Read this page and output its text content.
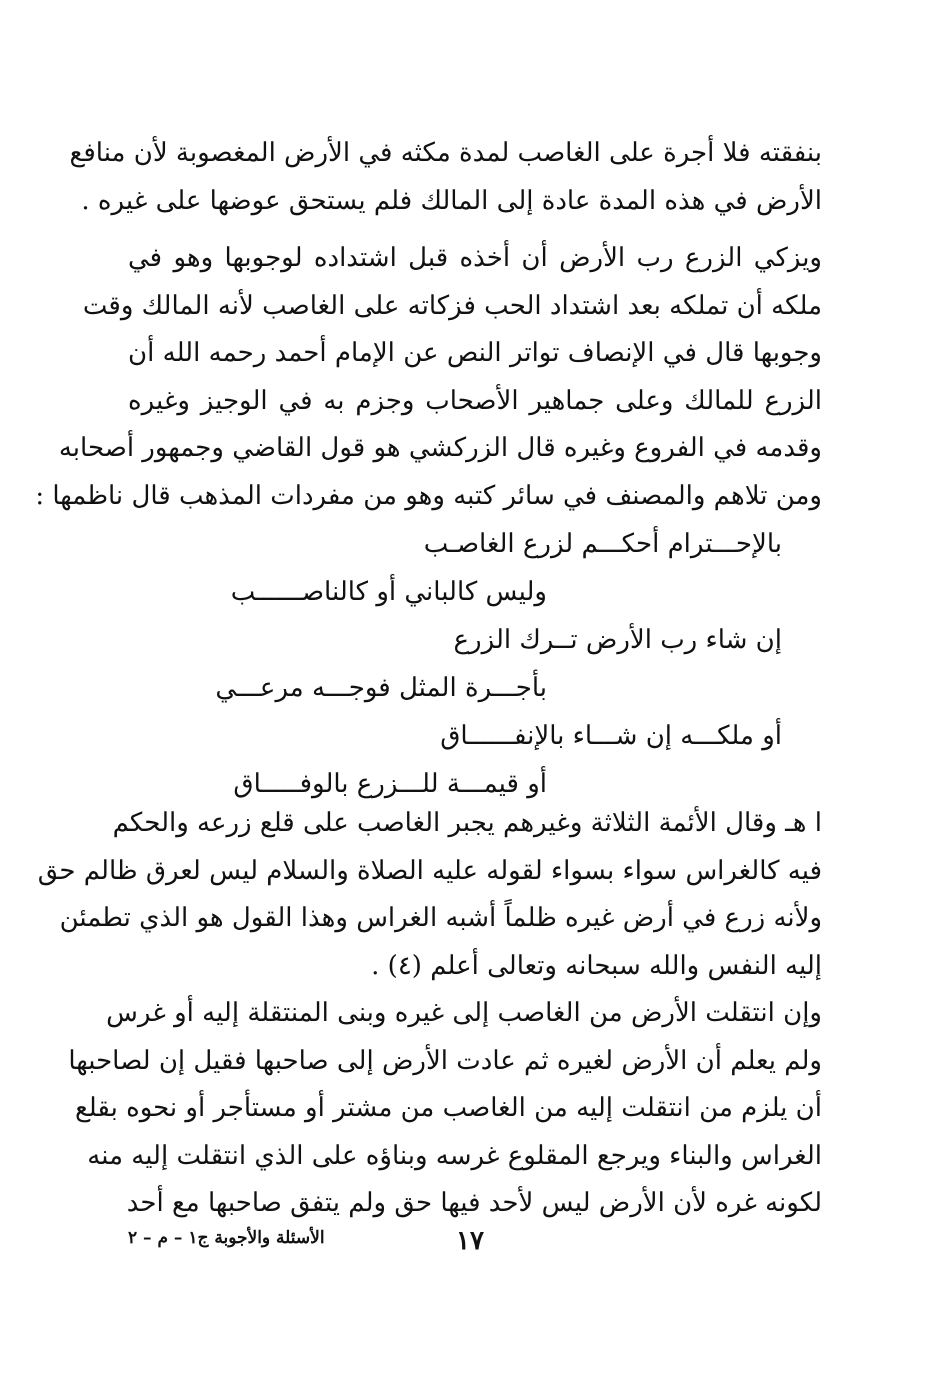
بنفقته فلا أجرة على الغاصب لمدة مكثه في الأرض المغصوبة لأن منافع
الأرض في هذه المدة عادة إلى المالك فلم يستحق عوضها على غيره .
ويزكي الزرع رب الأرض أن أخذه قبل اشتداده لوجوبها وهو في
ملكه أن تملكه بعد اشتداد الحب فزكاته على الغاصب لأنه المالك وقت
وجوبها قال في الإنصاف تواتر النص عن الإمام أحمد رحمه الله أن
الزرع للمالك وعلى جماهير الأصحاب وجزم به في الوجيز وغيره
وقدمه في الفروع وغيره قال الزركشي هو قول القاضي وجمهور أصحابه
ومن تلاهم والمصنف في سائر كتبه وهو من مفردات المذهب قال ناظمها :
بالإحـــترام أحكـــم لزرع الغاصـب
وليس كالباني أو كالناصــــــب
إن شاء رب الأرض تــرك الزرع
بأجـــرة المثل فوجـــه مرعـــي
أو ملكـــه إن شـــاء بالإنفــــــاق
أو قيمـــة للـــزرع بالوفـــــاق
ا هـ وقال الأئمة الثلاثة وغيرهم يجبر الغاصب على قلع زرعه والحكم
فيه كالغراس سواء بسواء لقوله عليه الصلاة والسلام ليس لعرق ظالم حق
ولأنه زرع في أرض غيره ظلماً أشبه الغراس وهذا القول هو الذي تطمئن
إليه النفس والله سبحانه وتعالى أعلم (٤) .
وإن انتقلت الأرض من الغاصب إلى غيره وبنى المنتقلة إليه أو غرس
ولم يعلم أن الأرض لغيره ثم عادت الأرض إلى صاحبها فقيل إن لصاحبها
أن يلزم من انتقلت إليه من الغاصب من مشتر أو مستأجر أو نحوه بقلع
الغراس والبناء ويرجع المقلوع غرسه وبناؤه على الذي انتقلت إليه منه
لكونه غره لأن الأرض ليس لأحد فيها حق ولم يتفق صاحبها مع أحد
الأسئلة والأجوبة ج١ – م – ٢	١٧
